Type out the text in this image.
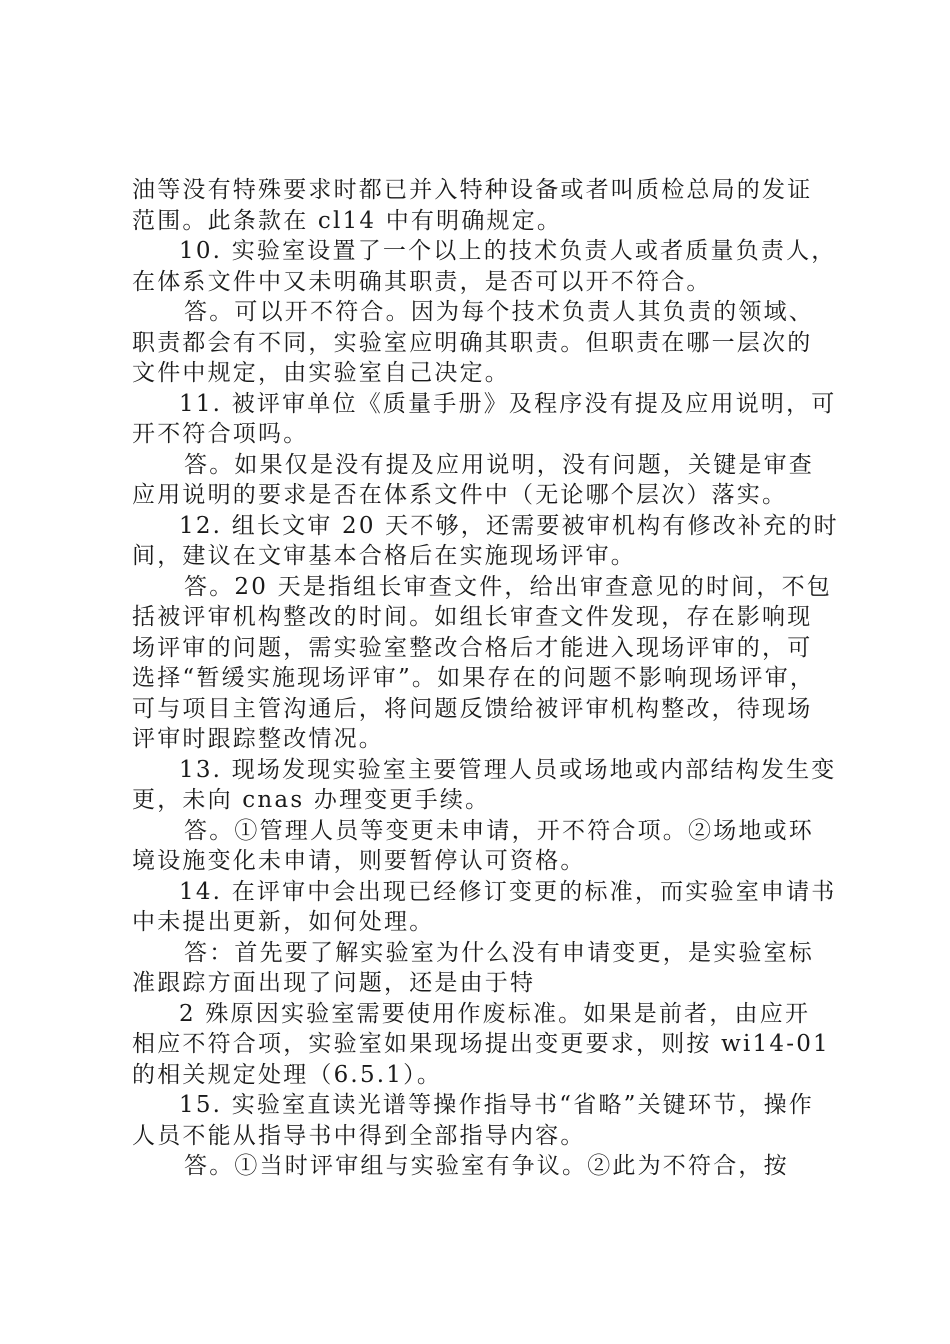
油等没有特殊要求时都已并入特种设备或者叫质检总局的发证
范围。此条款在 cl14 中有明确规定。
10. 实验室设置了一个以上的技术负责人或者质量负责人，
在体系文件中又未明确其职责，是否可以开不符合。
答。可以开不符合。因为每个技术负责人其负责的领域、
职责都会有不同，实验室应明确其职责。但职责在哪一层次的
文件中规定，由实验室自己决定。
11. 被评审单位《质量手册》及程序没有提及应用说明，可
开不符合项吗。
答。如果仅是没有提及应用说明，没有问题，关键是审查
应用说明的要求是否在体系文件中（无论哪个层次）落实。
12. 组长文审 20 天不够，还需要被审机构有修改补充的时
间，建议在文审基本合格后在实施现场评审。
答。20 天是指组长审查文件，给出审查意见的时间，不包
括被评审机构整改的时间。如组长审查文件发现，存在影响现
场评审的问题，需实验室整改合格后才能进入现场评审的，可
选择“暂缓实施现场评审”。如果存在的问题不影响现场评审，
可与项目主管沟通后，将问题反馈给被评审机构整改，待现场
评审时跟踪整改情况。
13. 现场发现实验室主要管理人员或场地或内部结构发生变
更，未向 cnas 办理变更手续。
答。①管理人员等变更未申请，开不符合项。②场地或环
境设施变化未申请，则要暂停认可资格。
14. 在评审中会出现已经修订变更的标准，而实验室申请书
中未提出更新，如何处理。
答：首先要了解实验室为什么没有申请变更，是实验室标
准跟踪方面出现了问题，还是由于特
2 殊原因实验室需要使用作废标准。如果是前者，由应开
相应不符合项，实验室如果现场提出变更要求，则按 wi14-01
的相关规定处理（6.5.1）。
15. 实验室直读光谱等操作指导书“省略”关键环节，操作
人员不能从指导书中得到全部指导内容。
答。①当时评审组与实验室有争议。②此为不符合，按
